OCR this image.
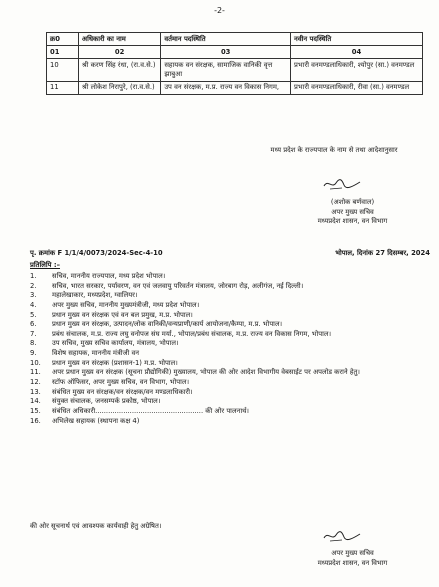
-2-
क्र0	अधिकारी का नाम	वर्तमान पदस्थिति	नवीन पदस्थिति
01	02	03	04
10	श्री करण सिंह रंधा, (रा.व.से.)	सहायक वन संरक्षक, सामाजिक वानिकी वृत्त झाबुआ	प्रभारी वनमण्डलाधिकारी, श्योपुर (सा.) वनमण्डल
11	श्री लोकेश निरापुरे, (रा.व.से.)	उप वन संरक्षक, म.प्र. राज्य वन विकास निगम,	प्रभारी वनमण्डलाधिकारी, रीवा (सा.) वनमण्डल
मध्य प्रदेश के राज्यपाल के नाम से तथा आदेशानुसार
(अशोक बर्णवाल)
अपर मुख्य सचिव
मध्यप्रदेश शासन, वन विभाग
पृ. क्रमांक F 1/1/4/0073/2024-Sec-4-10	भोपाल, दिनांक 27 दिसम्बर, 2024
प्रतिलिपि :–
1.	सचिव, माननीय राज्यपाल, मध्य प्रदेश भोपाल।
2.	सचिव, भारत सरकार, पर्यावरण, वन एवं जलवायु परिवर्तन मंत्रालय, जोरबाग रोड़, अलीगंज, नई दिल्ली।
3.	महालेखाकार, मध्यप्रदेश, ग्वालियर।
4.	अपर मुख्य सचिव, माननीय मुख्यमंत्रीजी, मध्य प्रदेश भोपाल।
5.	प्रधान मुख्य वन संरक्षक एवं वन बल प्रमुख, म.प्र. भोपाल।
6.	प्रधान मुख्य वन संरक्षक, उत्पादन/लोक वानिकी/वन्यप्राणी/कार्य आयोजना/कैम्पा, म.प्र. भोपाल।
7.	प्रबंध संचालक, म.प्र. राज्य लघु वनोपज संघ मर्या., भोपाल/प्रबंध संचालक, म.प्र. राज्य वन विकास निगम, भोपाल।
8.	उप सचिव, मुख्य सचिव कार्यालय, मंत्रालय, भोपाल।
9.	विशेष सहायक, माननीय मंत्रीजी वन
10.	प्रधान मुख्य वन संरक्षक (प्रशासन-1) म.प्र. भोपाल।
11.	अपर प्रधान मुख्य वन संरक्षक (सूचना प्रौद्योगिकी) मुख्यालय, भोपाल की ओर आदेश विभागीय वेबसाईट पर अपलोड कराने हेतु।
12.	स्टॉफ ऑफिसर, अपर मुख्य सचिव, वन विभाग, भोपाल।
13.	संबंधित मुख्य वन संरक्षक/वन संरक्षक/वन मण्डलाधिकारी।
14.	संयुक्त संचालक, जनसम्पर्क प्रकोष्ठ, भोपाल।
15.	संबंधित अधिकारी.................................................. की ओर पालनार्थ।
16.	अभिलेख सहायक (स्थापना कक्ष 4)
की ओर सूचनार्थ एवं आवश्यक कार्यवाही हेतु अग्रेषित।
अपर मुख्य सचिव
मध्यप्रदेश शासन, वन विभाग
